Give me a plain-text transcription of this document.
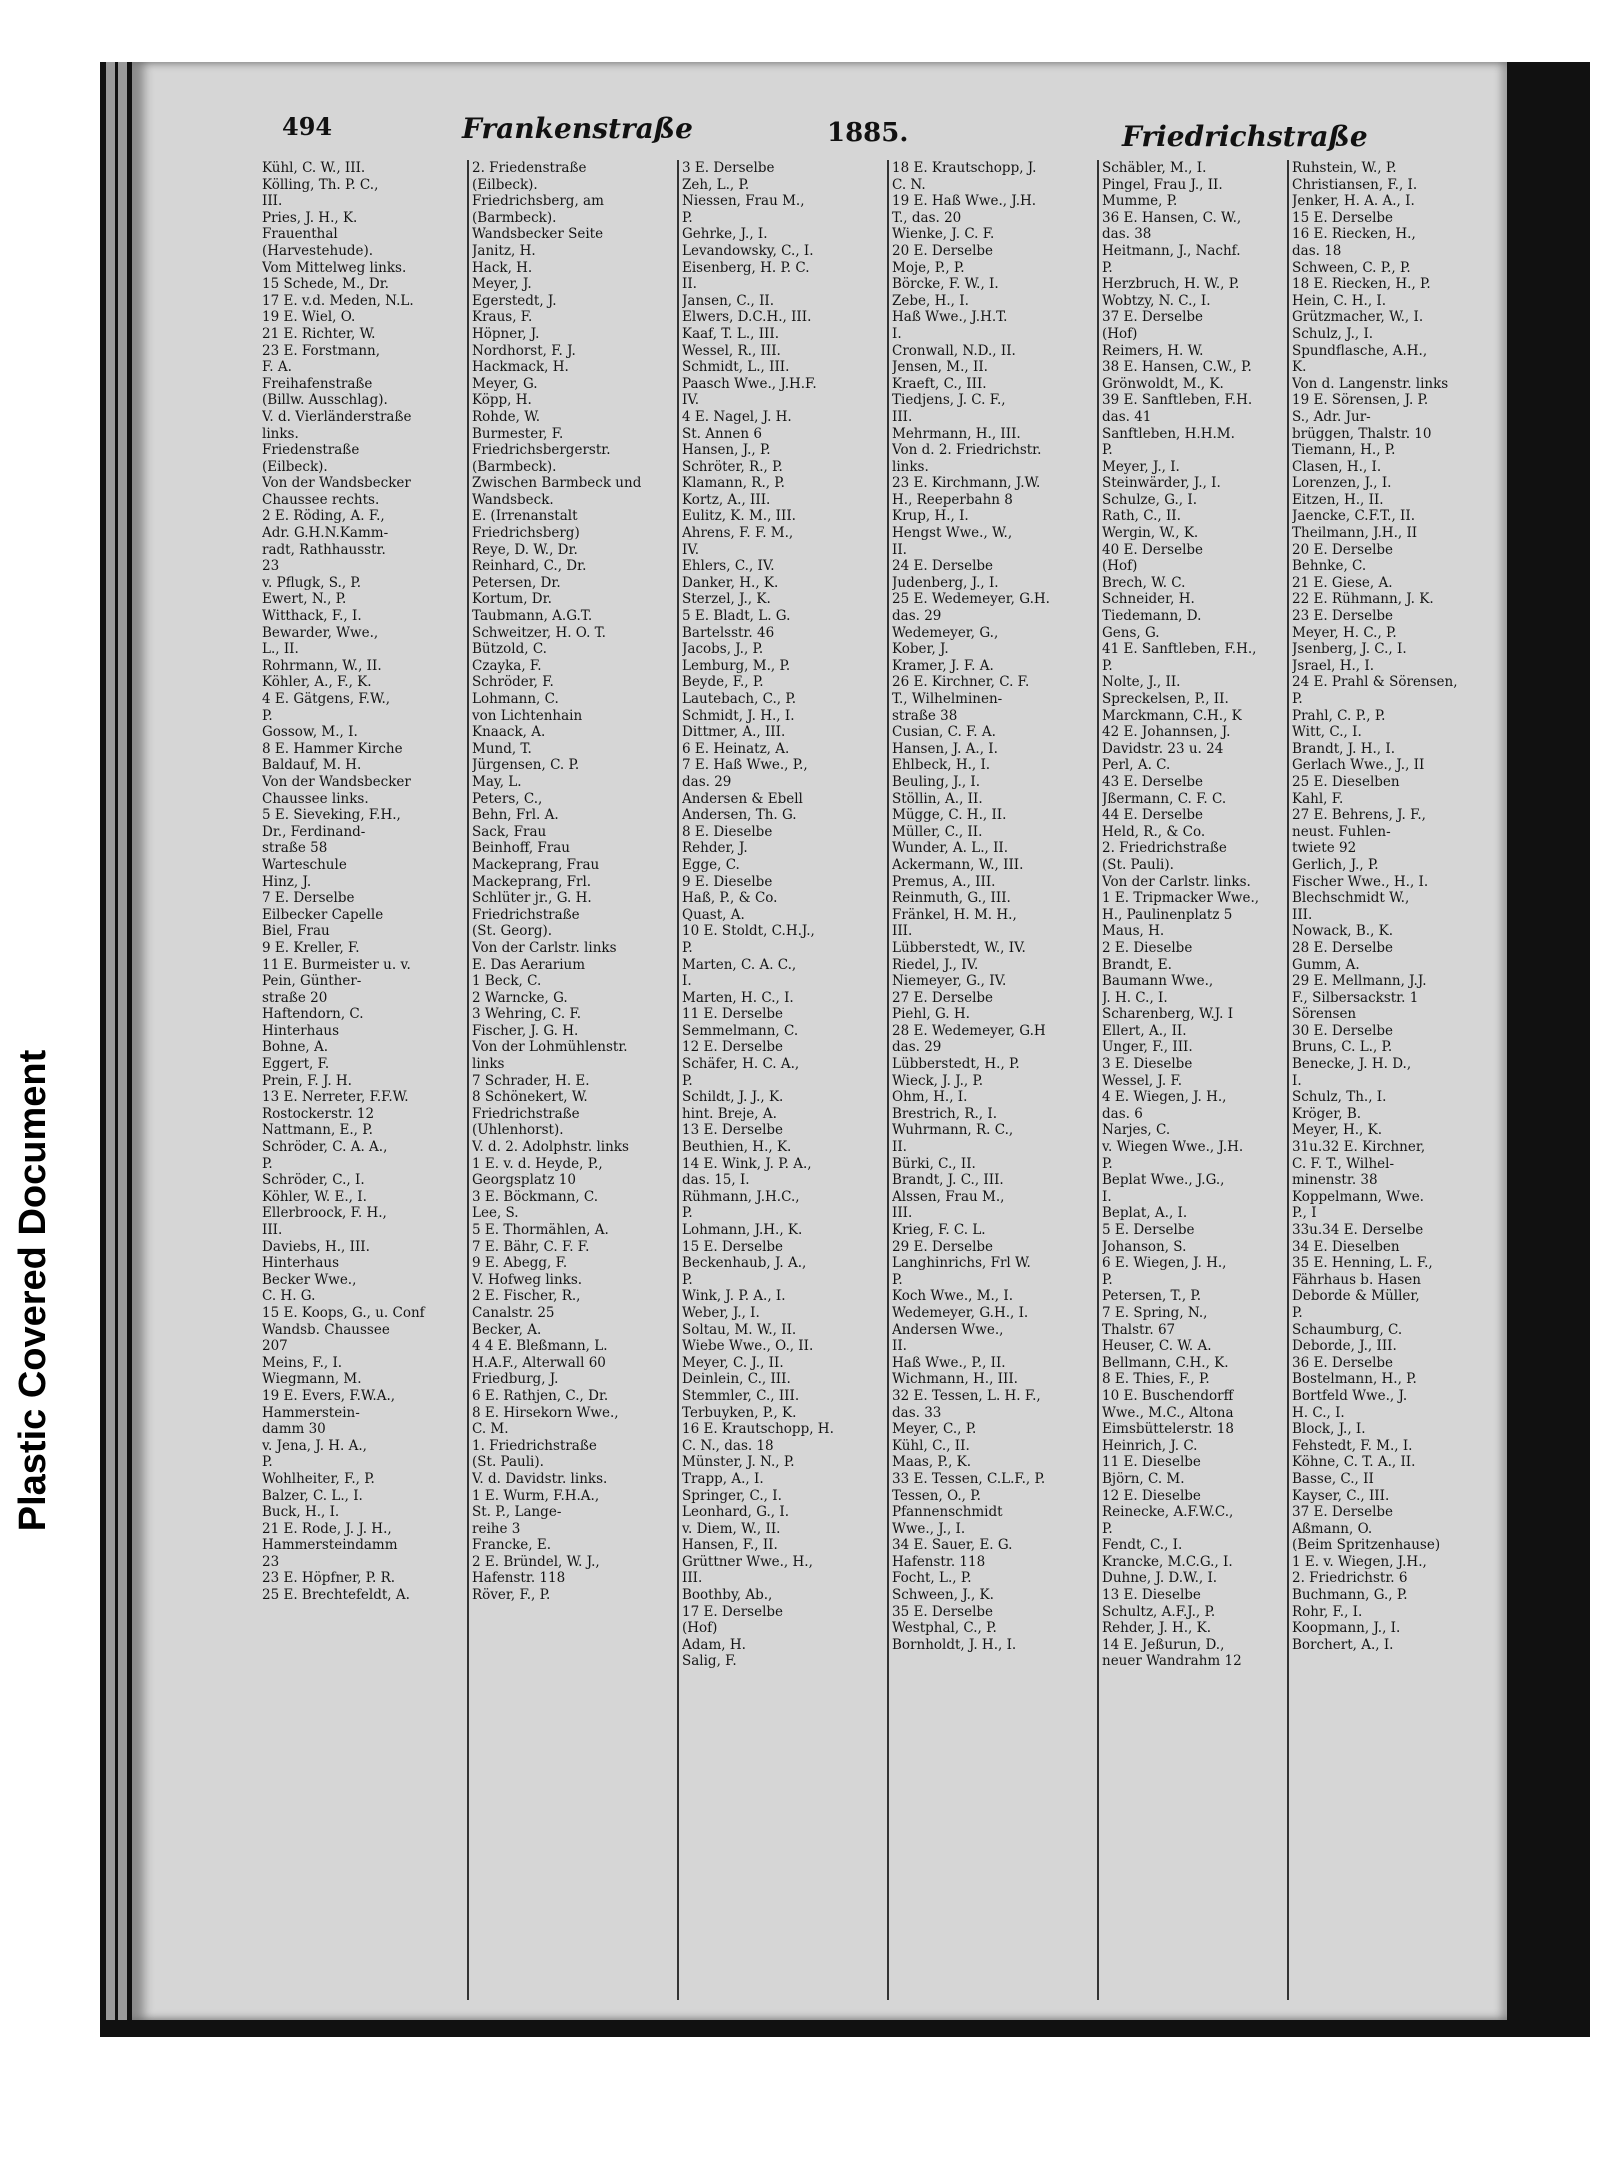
Plastic Covered Document
494	Frankenstraße	1885.	Friedrichstraße
Kühl, C. W., III.
Kölling, Th. P. C.,
III.
Pries, J. H., K.
Frauenthal
(Harvestehude).
Vom Mittelweg links.
15 Schede, M., Dr.
17 E. v.d. Meden, N.L.
19 E. Wiel, O.
21 E. Richter, W.
23 E. Forstmann,
F. A.
Freihafenstraße
(Billw. Ausschlag).
V. d. Vierländerstraße
links.
Friedenstraße
(Eilbeck).
Von der Wandsbecker
Chaussee rechts.
2 E. Röding, A. F.,
Adr. G.H.N.Kamm-
radt, Rathhausstr.
23
v. Pflugk, S., P.
Ewert, N., P.
Witthack, F., I.
Bewarder, Wwe.,
L., II.
Rohrmann, W., II.
Köhler, A., F., K.
4 E. Gätgens, F.W.,
P.
Gossow, M., I.
8 E. Hammer Kirche
Baldauf, M. H.
Von der Wandsbecker
Chaussee links.
5 E. Sieveking, F.H.,
Dr., Ferdinand-
straße 58
Warteschule
Hinz, J.
7 E. Derselbe
Eilbecker Capelle
Biel, Frau
9 E. Kreller, F.
11 E. Burmeister u. v.
Pein, Günther-
straße 20
Haftendorn, C.
Hinterhaus
Bohne, A.
Eggert, F.
Prein, F. J. H.
13 E. Nerreter, F.F.W.
Rostockerstr. 12
Nattmann, E., P.
Schröder, C. A. A.,
P.
Schröder, C., I.
Köhler, W. E., I.
Ellerbroock, F. H.,
III.
Daviebs, H., III.
Hinterhaus
Becker Wwe.,
C. H. G.
15 E. Koops, G., u. Conf
Wandsb. Chaussee
207
Meins, F., I.
Wiegmann, M.
19 E. Evers, F.W.A.,
Hammerstein-
damm 30
v. Jena, J. H. A.,
P.
Wohlheiter, F., P.
Balzer, C. L., I.
Buck, H., I.
21 E. Rode, J. J. H.,
Hammersteindamm
23
23 E. Höpfner, P. R.
25 E. Brechtefeldt, A.
2. Friedenstraße
(Eilbeck).
Friedrichsberg, am
(Barmbeck).
Wandsbecker Seite
Janitz, H.
Hack, H.
Meyer, J.
Egerstedt, J.
Kraus, F.
Höpner, J.
Nordhorst, F. J.
Hackmack, H.
Meyer, G.
Köpp, H.
Rohde, W.
Burmester, F.
Friedrichsbergerstr.
(Barmbeck).
Zwischen Barmbeck und
Wandsbeck.
E. (Irrenanstalt
Friedrichsberg)
Reye, D. W., Dr.
Reinhard, C., Dr.
Petersen, Dr.
Kortum, Dr.
Taubmann, A.G.T.
Schweitzer, H. O. T.
Bützold, C.
Czayka, F.
Schröder, F.
Lohmann, C.
von Lichtenhain
Knaack, A.
Mund, T.
Jürgensen, C. P.
May, L.
Peters, C.,
Behn, Frl. A.
Sack, Frau
Beinhoff, Frau
Mackeprang, Frau
Mackeprang, Frl.
Schlüter jr., G. H.
Friedrichstraße
(St. Georg).
Von der Carlstr. links
E. Das Aerarium
1 Beck, C.
2 Warncke, G.
3 Wehring, C. F.
Fischer, J. G. H.
Von der Lohmühlenstr.
links
7 Schrader, H. E.
8 Schönekert, W.
Friedrichstraße
(Uhlenhorst).
V. d. 2. Adolphstr. links
1 E. v. d. Heyde, P.,
Georgsplatz 10
3 E. Böckmann, C.
Lee, S.
5 E. Thormählen, A.
7 E. Bähr, C. F. F.
9 E. Abegg, F.
V. Hofweg links.
2 E. Fischer, R.,
Canalstr. 25
Becker, A.
4 4 E. Bleßmann, L.
H.A.F., Alterwall 60
Friedburg, J.
6 E. Rathjen, C., Dr.
8 E. Hirsekorn Wwe.,
C. M.
1. Friedrichstraße
(St. Pauli).
V. d. Davidstr. links.
1 E. Wurm, F.H.A.,
St. P., Lange-
reihe 3
Francke, E.
2 E. Bründel, W. J.,
Hafenstr. 118
Röver, F., P.
3 E. Derselbe
Zeh, L., P.
Niessen, Frau M.,
P.
Gehrke, J., I.
Levandowsky, C., I.
Eisenberg, H. P. C.
II.
Jansen, C., II.
Elwers, D.C.H., III.
Kaaf, T. L., III.
Wessel, R., III.
Schmidt, L., III.
Paasch Wwe., J.H.F.
IV.
4 E. Nagel, J. H.
St. Annen 6
Hansen, J., P.
Schröter, R., P.
Klamann, R., P.
Kortz, A., III.
Eulitz, K. M., III.
Ahrens, F. F. M.,
IV.
Ehlers, C., IV.
Danker, H., K.
Sterzel, J., K.
5 E. Bladt, L. G.
Bartelsstr. 46
Jacobs, J., P.
Lemburg, M., P.
Beyde, F., P.
Lautebach, C., P.
Schmidt, J. H., I.
Dittmer, A., III.
6 E. Heinatz, A.
7 E. Haß Wwe., P.,
das. 29
Andersen & Ebell
Andersen, Th. G.
8 E. Dieselbe
Rehder, J.
Egge, C.
9 E. Dieselbe
Haß, P., & Co.
Quast, A.
10 E. Stoldt, C.H.J.,
P.
Marten, C. A. C.,
I.
Marten, H. C., I.
11 E. Derselbe
Semmelmann, C.
12 E. Derselbe
Schäfer, H. C. A.,
P.
Schildt, J. J., K.
hint. Breje, A.
13 E. Derselbe
Beuthien, H., K.
14 E. Wink, J. P. A.,
das. 15, I.
Rühmann, J.H.C.,
P.
Lohmann, J.H., K.
15 E. Derselbe
Beckenhaub, J. A.,
P.
Wink, J. P. A., I.
Weber, J., I.
Soltau, M. W., II.
Wiebe Wwe., O., II.
Meyer, C. J., II.
Deinlein, C., III.
Stemmler, C., III.
Terbuyken, P., K.
16 E. Krautschopp, H.
C. N., das. 18
Münster, J. N., P.
Trapp, A., I.
Springer, C., I.
Leonhard, G., I.
v. Diem, W., II.
Hansen, F., II.
Grüttner Wwe., H.,
III.
Boothby, Ab.,
17 E. Derselbe
(Hof)
Adam, H.
Salig, F.
18 E. Krautschopp, J.
C. N.
19 E. Haß Wwe., J.H.
T., das. 20
Wienke, J. C. F.
20 E. Derselbe
Moje, P., P.
Börcke, F. W., I.
Zebe, H., I.
Haß Wwe., J.H.T.
I.
Cronwall, N.D., II.
Jensen, M., II.
Kraeft, C., III.
Tiedjens, J. C. F.,
III.
Mehrmann, H., III.
Von d. 2. Friedrichstr.
links.
23 E. Kirchmann, J.W.
H., Reeperbahn 8
Krup, H., I.
Hengst Wwe., W.,
II.
24 E. Derselbe
Judenberg, J., I.
25 E. Wedemeyer, G.H.
das. 29
Wedemeyer, G.,
Kober, J.
Kramer, J. F. A.
26 E. Kirchner, C. F.
T., Wilhelminen-
straße 38
Cusian, C. F. A.
Hansen, J. A., I.
Ehlbeck, H., I.
Beuling, J., I.
Stöllin, A., II.
Mügge, C. H., II.
Müller, C., II.
Wunder, A. L., II.
Ackermann, W., III.
Premus, A., III.
Reinmuth, G., III.
Fränkel, H. M. H.,
III.
Lübberstedt, W., IV.
Riedel, J., IV.
Niemeyer, G., IV.
27 E. Derselbe
Piehl, G. H.
28 E. Wedemeyer, G.H
das. 29
Lübberstedt, H., P.
Wieck, J. J., P.
Ohm, H., I.
Brestrich, R., I.
Wuhrmann, R. C.,
II.
Bürki, C., II.
Brandt, J. C., III.
Alssen, Frau M.,
III.
Krieg, F. C. L.
29 E. Derselbe
Langhinrichs, Frl W.
P.
Koch Wwe., M., I.
Wedemeyer, G.H., I.
Andersen Wwe.,
II.
Haß Wwe., P., II.
Wichmann, H., III.
32 E. Tessen, L. H. F.,
das. 33
Meyer, C., P.
Kühl, C., II.
Maas, P., K.
33 E. Tessen, C.L.F., P.
Tessen, O., P.
Pfannenschmidt
Wwe., J., I.
34 E. Sauer, E. G.
Hafenstr. 118
Focht, L., P.
Schween, J., K.
35 E. Derselbe
Westphal, C., P.
Bornholdt, J. H., I.
Schäbler, M., I.
Pingel, Frau J., II.
Mumme, P.
36 E. Hansen, C. W.,
das. 38
Heitmann, J., Nachf.
P.
Herzbruch, H. W., P.
Wobtzy, N. C., I.
37 E. Derselbe
(Hof)
Reimers, H. W.
38 E. Hansen, C.W., P.
Grönwoldt, M., K.
39 E. Sanftleben, F.H.
das. 41
Sanftleben, H.H.M.
P.
Meyer, J., I.
Steinwärder, J., I.
Schulze, G., I.
Rath, C., II.
Wergin, W., K.
40 E. Derselbe
(Hof)
Brech, W. C.
Schneider, H.
Tiedemann, D.
Gens, G.
41 E. Sanftleben, F.H.,
P.
Nolte, J., II.
Spreckelsen, P., II.
Marckmann, C.H., K
42 E. Johannsen, J.
Davidstr. 23 u. 24
Perl, A. C.
43 E. Derselbe
Jßermann, C. F. C.
44 E. Derselbe
Held, R., & Co.
2. Friedrichstraße
(St. Pauli).
Von der Carlstr. links.
1 E. Tripmacker Wwe.,
H., Paulinenplatz 5
Maus, H.
2 E. Dieselbe
Brandt, E.
Baumann Wwe.,
J. H. C., I.
Scharenberg, W.J. I
Ellert, A., II.
Unger, F., III.
3 E. Dieselbe
Wessel, J. F.
4 E. Wiegen, J. H.,
das. 6
Narjes, C.
v. Wiegen Wwe., J.H.
P.
Beplat Wwe., J.G.,
I.
Beplat, A., I.
5 E. Derselbe
Johanson, S.
6 E. Wiegen, J. H.,
P.
Petersen, T., P.
7 E. Spring, N.,
Thalstr. 67
Heuser, C. W. A.
Bellmann, C.H., K.
8 E. Thies, F., P.
10 E. Buschendorff
Wwe., M.C., Altona
Eimsbüttelerstr. 18
Heinrich, J. C.
11 E. Dieselbe
Björn, C. M.
12 E. Dieselbe
Reinecke, A.F.W.C.,
P.
Fendt, C., I.
Krancke, M.C.G., I.
Duhne, J. D.W., I.
13 E. Dieselbe
Schultz, A.F.J., P.
Rehder, J. H., K.
14 E. Jeßurun, D.,
neuer Wandrahm 12
Ruhstein, W., P.
Christiansen, F., I.
Jenker, H. A. A., I.
15 E. Derselbe
16 E. Riecken, H.,
das. 18
Schween, C. P., P.
18 E. Riecken, H., P.
Hein, C. H., I.
Grützmacher, W., I.
Schulz, J., I.
Spundflasche, A.H.,
K.
Von d. Langenstr. links
19 E. Sörensen, J. P.
S., Adr. Jur-
brüggen, Thalstr. 10
Tiemann, H., P.
Clasen, H., I.
Lorenzen, J., I.
Eitzen, H., II.
Jaencke, C.F.T., II.
Theilmann, J.H., II
20 E. Derselbe
Behnke, C.
21 E. Giese, A.
22 E. Rühmann, J. K.
23 E. Derselbe
Meyer, H. C., P.
Jsenberg, J. C., I.
Jsrael, H., I.
24 E. Prahl & Sörensen,
P.
Prahl, C. P., P.
Witt, C., I.
Brandt, J. H., I.
Gerlach Wwe., J., II
25 E. Dieselben
Kahl, F.
27 E. Behrens, J. F.,
neust. Fuhlen-
twiete 92
Gerlich, J., P.
Fischer Wwe., H., I.
Blechschmidt W.,
III.
Nowack, B., K.
28 E. Derselbe
Gumm, A.
29 E. Mellmann, J.J.
F., Silbersackstr. 1
Sörensen
30 E. Derselbe
Bruns, C. L., P.
Benecke, J. H. D.,
I.
Schulz, Th., I.
Kröger, B.
Meyer, H., K.
31u.32 E. Kirchner,
C. F. T., Wilhel-
minenstr. 38
Koppelmann, Wwe.
P., I
33u.34 E. Derselbe
34 E. Dieselben
35 E. Henning, L. F.,
Fährhaus b. Hasen
Deborde & Müller,
P.
Schaumburg, C.
Deborde, J., III.
36 E. Derselbe
Bostelmann, H., P.
Bortfeld Wwe., J.
H. C., I.
Block, J., I.
Fehstedt, F. M., I.
Köhne, C. T. A., II.
Basse, C., II
Kayser, C., III.
37 E. Derselbe
Aßmann, O.
(Beim Spritzenhause)
1 E. v. Wiegen, J.H.,
2. Friedrichstr. 6
Buchmann, G., P.
Rohr, F., I.
Koopmann, J., I.
Borchert, A., I.
